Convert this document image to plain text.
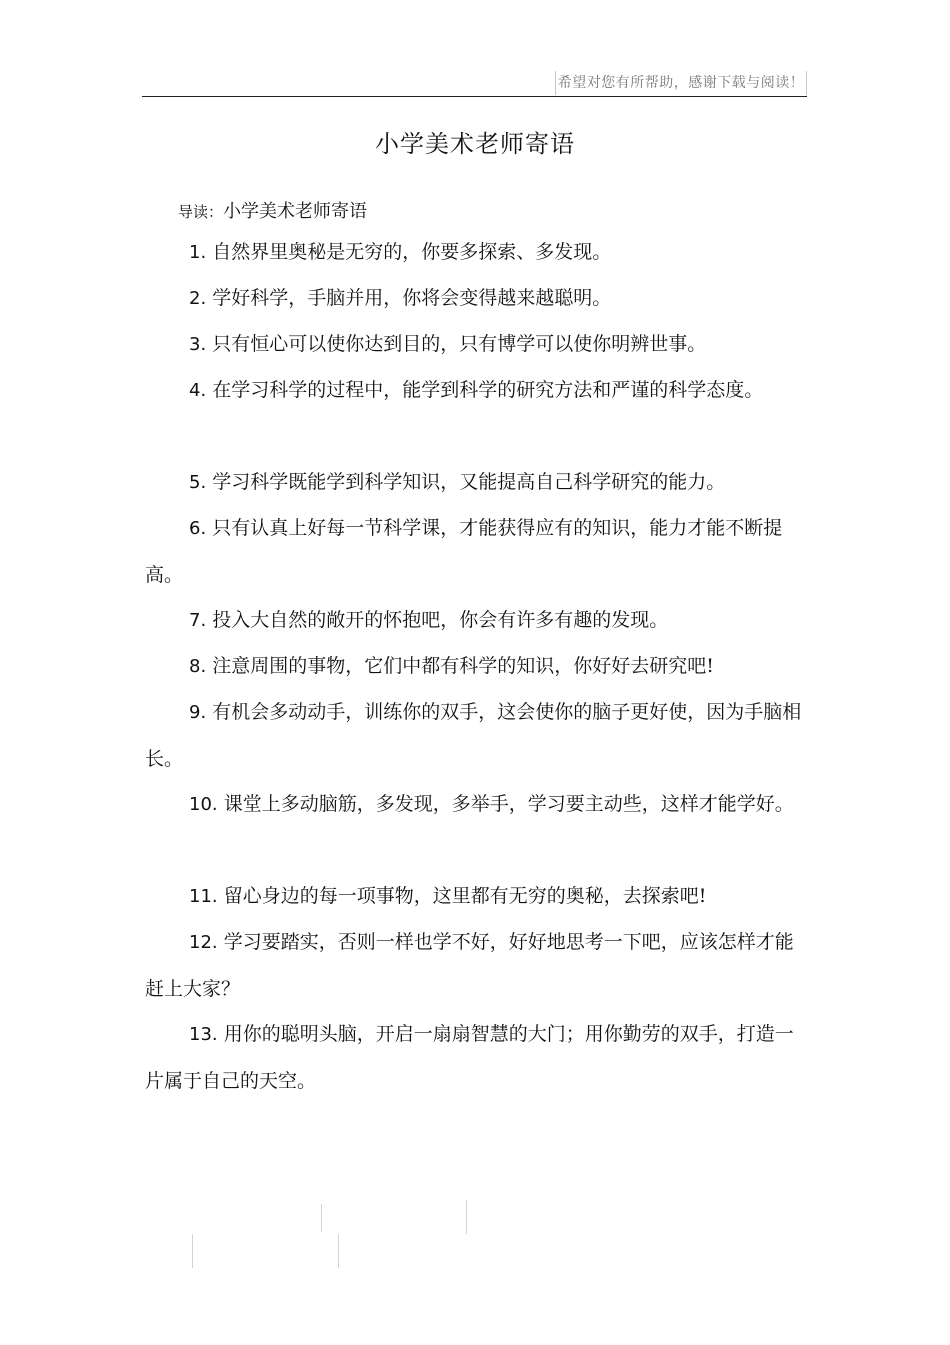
希望对您有所帮助，感谢下载与阅读！
小学美术老师寄语
导读：小学美术老师寄语
1. 自然界里奥秘是无穷的，你要多探索、多发现。
2. 学好科学，手脑并用，你将会变得越来越聪明。
3. 只有恒心可以使你达到目的，只有博学可以使你明辨世事。
4. 在学习科学的过程中，能学到科学的研究方法和严谨的科学态度。
5. 学习科学既能学到科学知识，又能提高自己科学研究的能力。
6. 只有认真上好每一节科学课，才能获得应有的知识，能力才能不断提高。
7. 投入大自然的敞开的怀抱吧，你会有许多有趣的发现。
8. 注意周围的事物，它们中都有科学的知识，你好好去研究吧!
9. 有机会多动动手，训练你的双手，这会使你的脑子更好使，因为手脑相长。
10. 课堂上多动脑筋，多发现，多举手，学习要主动些，这样才能学好。
11. 留心身边的每一项事物，这里都有无穷的奥秘，去探索吧!
12. 学习要踏实，否则一样也学不好，好好地思考一下吧，应该怎样才能赶上大家？
13. 用你的聪明头脑，开启一扇扇智慧的大门；用你勤劳的双手，打造一片属于自己的天空。
